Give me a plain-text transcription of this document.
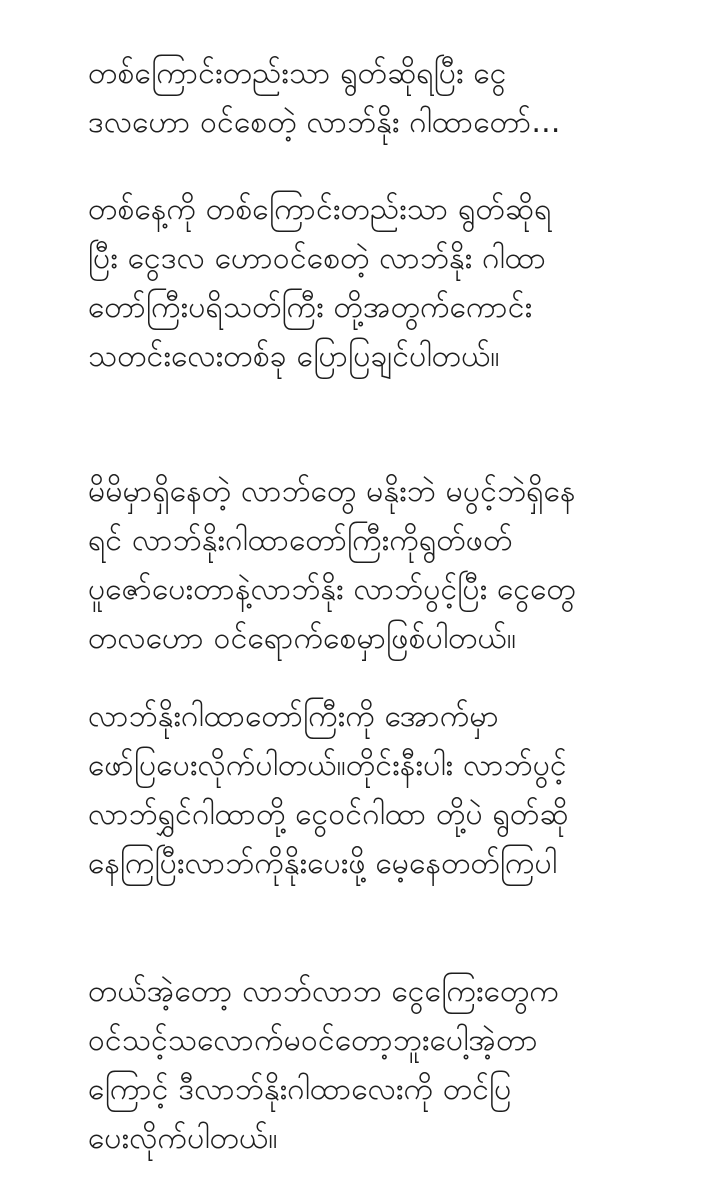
တစ်ကြောင်းတည်းသာ ရွတ်ဆိုရပြီး ငွေ
ဒလဟော ဝင်စေတဲ့ လာဘ်နိုး ဂါထာတော်...

တစ်နေ့ကို တစ်ကြောင်းတည်းသာ ရွတ်ဆိုရ
ပြီး ငွေဒလ ဟောဝင်စေတဲ့ လာဘ်နိုး ဂါထာ
တော်ကြီးပရိသတ်ကြီး တို့အတွက်ကောင်း
သတင်းလေးတစ်ခု ပြောပြချင်ပါတယ်။

မိမိမှာရှိနေတဲ့ လာဘ်တွေ မနိုးဘဲ မပွင့်ဘဲရှိနေ
ရင် လာဘ်နိုးဂါထာတော်ကြီးကိုရွတ်ဖတ်
ပူဇော်ပေးတာနဲ့လာဘ်နိုး လာဘ်ပွင့်ပြီး ငွေတွေ
တလဟော ဝင်ရောက်စေမှာဖြစ်ပါတယ်။

လာဘ်နိုးဂါထာတော်ကြီးကို အောက်မှာ
ဖော်ပြပေးလိုက်ပါတယ်။တိုင်းနီးပါး လာဘ်ပွင့်
လာဘ်ရွှင်ဂါထာတို့ ငွေဝင်ဂါထာ တို့ပဲ ရွတ်ဆို
နေကြပြီးလာဘ်ကိုနိုးပေးဖို့ မေ့နေတတ်ကြပါ

တယ်အဲ့တော့ လာဘ်လာဘ ငွေကြေးတွေက
ဝင်သင့်သလောက်မဝင်တော့ဘူးပေါ့အဲ့တာ
ကြောင့် ဒီလာဘ်နိုးဂါထာလေးကို တင်ပြ
ပေးလိုက်ပါတယ်။
